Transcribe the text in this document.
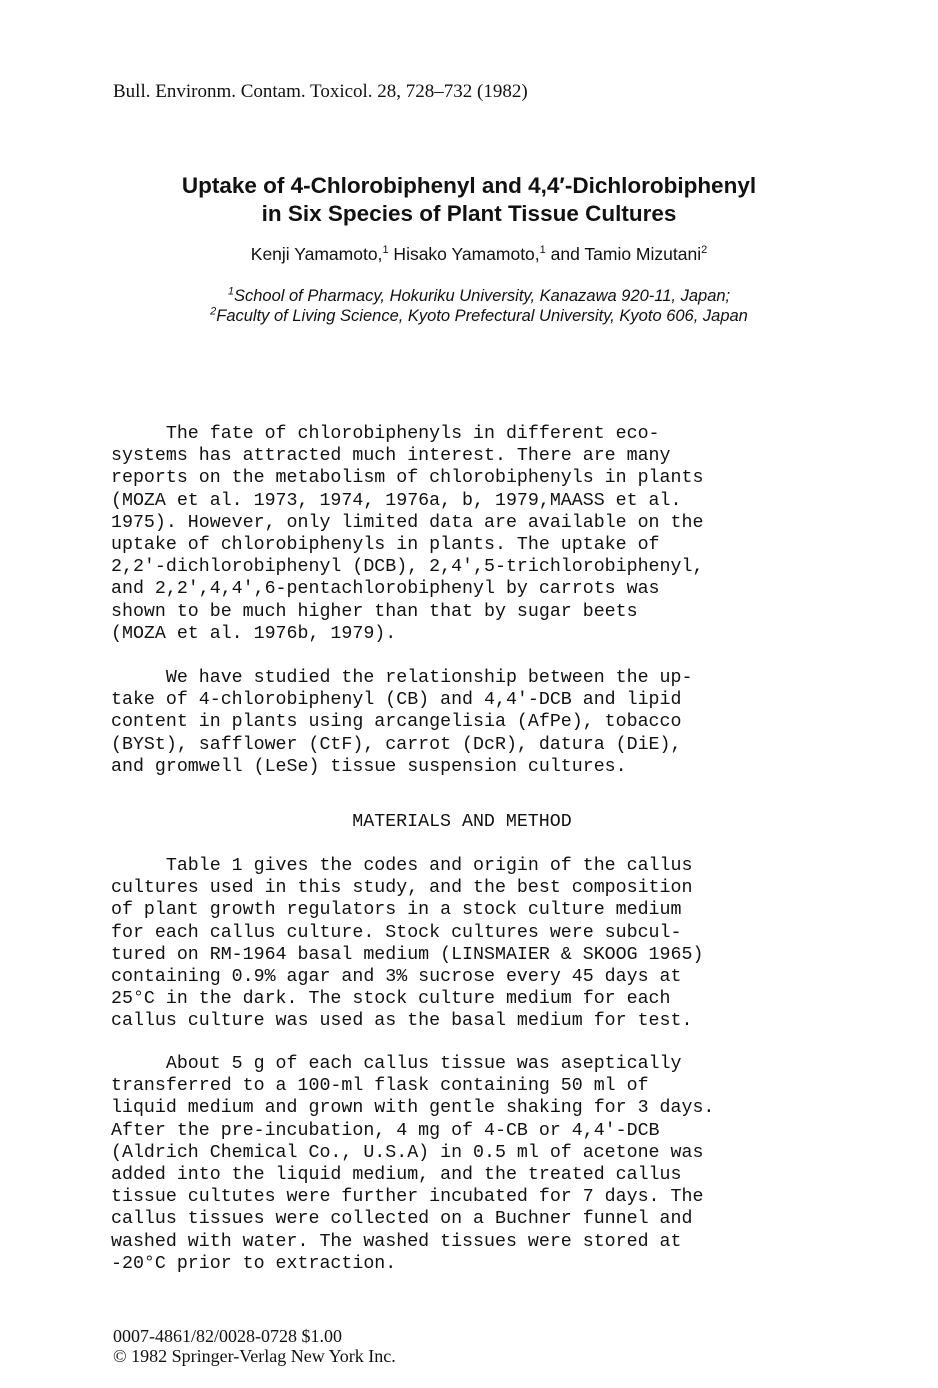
Bull. Environm. Contam. Toxicol. 28, 728–732 (1982)
Uptake of 4-Chlorobiphenyl and 4,4′-Dichlorobiphenyl
in Six Species of Plant Tissue Cultures
Kenji Yamamoto,$^1$ Hisako Yamamoto,$^1$ and Tamio Mizutani$^2$
$^1$School of Pharmacy, Hokuriku University, Kanazawa 920-11, Japan;
$^2$Faculty of Living Science, Kyoto Prefectural University, Kyoto 606, Japan
The fate of chlorobiphenyls in different eco-
systems has attracted much interest. There are many
reports on the metabolism of chlorobiphenyls in plants
(MOZA et al. 1973, 1974, 1976a, b, 1979,MAASS et al.
1975). However, only limited data are available on the
uptake of chlorobiphenyls in plants. The uptake of
2,2'-dichlorobiphenyl (DCB), 2,4',5-trichlorobiphenyl,
and 2,2',4,4',6-pentachlorobiphenyl by carrots was
shown to be much higher than that by sugar beets
(MOZA et al. 1976b, 1979).
We have studied the relationship between the up-
take of 4-chlorobiphenyl (CB) and 4,4'-DCB and lipid
content in plants using arcangelisia (AfPe), tobacco
(BYSt), safflower (CtF), carrot (DcR), datura (DiE),
and gromwell (LeSe) tissue suspension cultures.
MATERIALS AND METHOD
Table 1 gives the codes and origin of the callus
cultures used in this study, and the best composition
of plant growth regulators in a stock culture medium
for each callus culture. Stock cultures were subcul-
tured on RM-1964 basal medium (LINSMAIER & SKOOG 1965)
containing 0.9% agar and 3% sucrose every 45 days at
25°C in the dark. The stock culture medium for each
callus culture was used as the basal medium for test.
About 5 g of each callus tissue was aseptically
transferred to a 100-ml flask containing 50 ml of
liquid medium and grown with gentle shaking for 3 days.
After the pre-incubation, 4 mg of 4-CB or 4,4'-DCB
(Aldrich Chemical Co., U.S.A) in 0.5 ml of acetone was
added into the liquid medium, and the treated callus
tissue cultutes were further incubated for 7 days. The
callus tissues were collected on a Buchner funnel and
washed with water. The washed tissues were stored at
-20°C prior to extraction.
0007-4861/82/0028-0728 $1.00
© 1982 Springer-Verlag New York Inc.
